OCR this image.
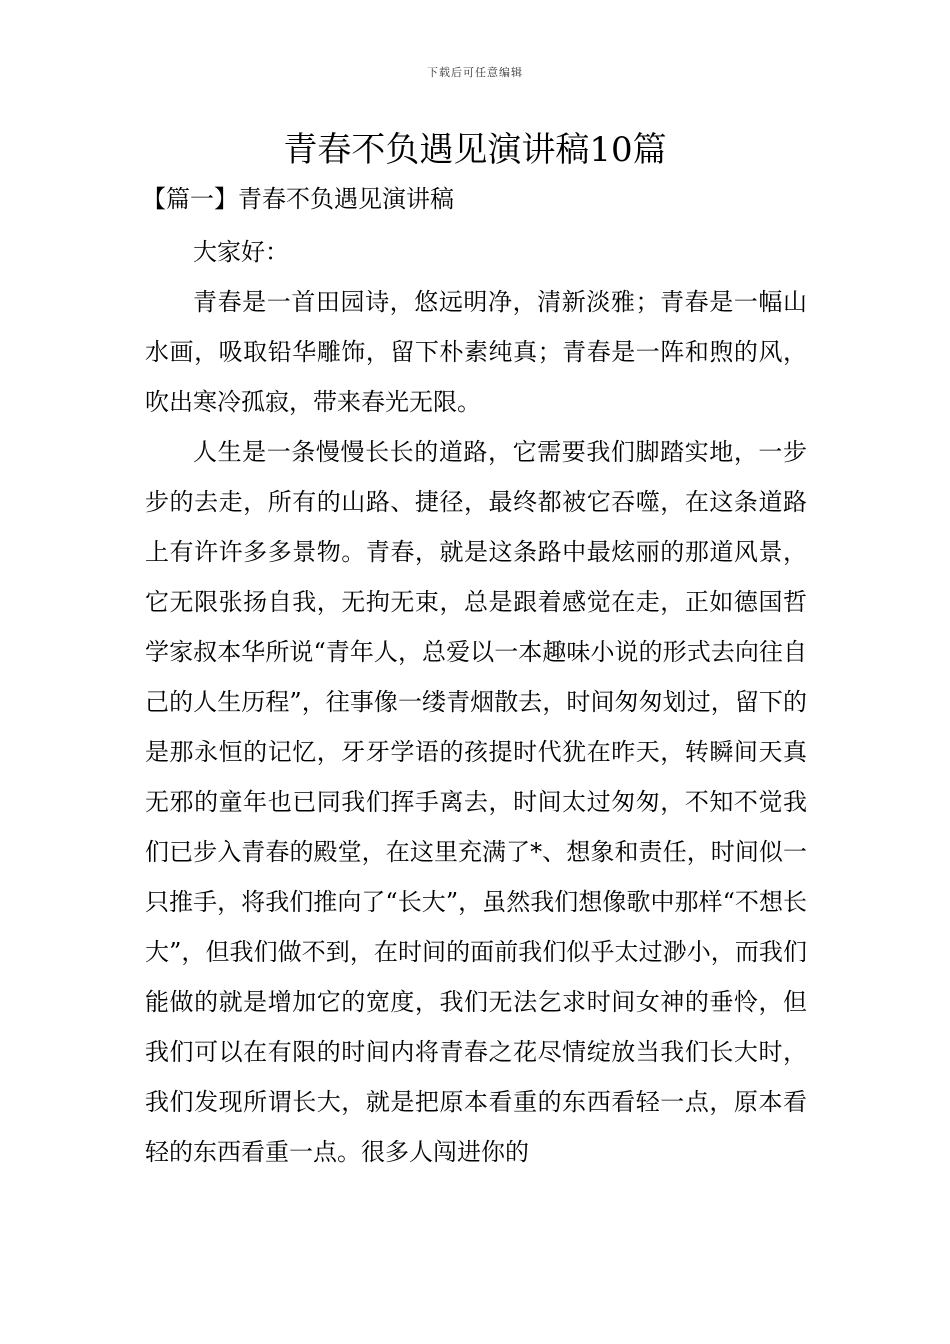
下载后可任意编辑
青春不负遇见演讲稿10篇
【篇一】青春不负遇见演讲稿

大家好：

青春是一首田园诗，悠远明净，清新淡雅；青春是一幅山水画，吸取铅华雕饰，留下朴素纯真；青春是一阵和煦的风，吹出寒冷孤寂，带来春光无限。

人生是一条慢慢长长的道路，它需要我们脚踏实地，一步步的去走，所有的山路、捷径，最终都被它吞噬，在这条道路上有许许多多景物。青春，就是这条路中最炫丽的那道风景，它无限张扬自我，无拘无束，总是跟着感觉在走，正如德国哲学家叔本华所说“青年人，总爱以一本趣味小说的形式去向往自己的人生历程”，往事像一缕青烟散去，时间匆匆划过，留下的是那永恒的记忆，牙牙学语的孩提时代犹在昨天，转瞬间天真无邪的童年也已同我们挥手离去，时间太过匆匆，不知不觉我们已步入青春的殿堂，在这里充满了*、想象和责任，时间似一只推手，将我们推向了“长大”，虽然我们想像歌中那样“不想长大”，但我们做不到，在时间的面前我们似乎太过渺小，而我们能做的就是增加它的宽度，我们无法乞求时间女神的垂怜，但我们可以在有限的时间内将青春之花尽情绽放当我们长大时，我们发现所谓长大，就是把原本看重的东西看轻一点，原本看轻的东西看重一点。很多人闯进你的
